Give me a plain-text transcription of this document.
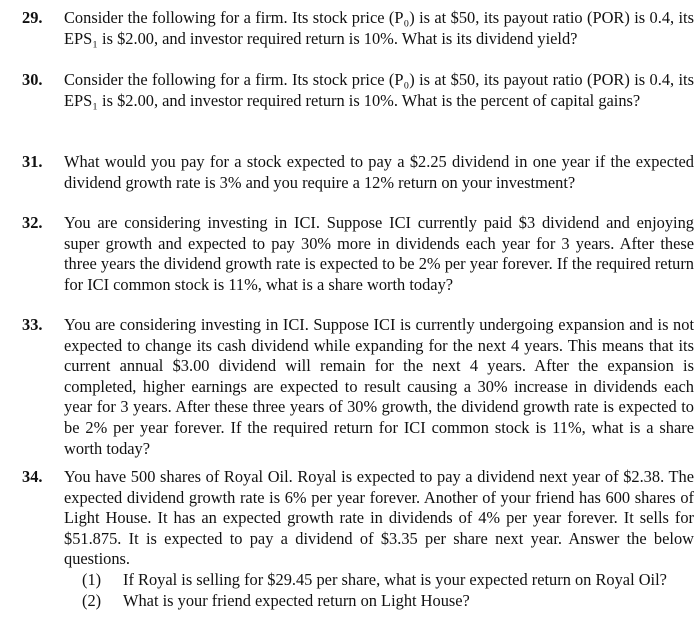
29. Consider the following for a firm. Its stock price (P₀) is at $50, its payout ratio (POR) is 0.4, its EPS₁ is $2.00, and investor required return is 10%. What is its dividend yield?
30. Consider the following for a firm. Its stock price (P₀) is at $50, its payout ratio (POR) is 0.4, its EPS₁ is $2.00, and investor required return is 10%. What is the percent of capital gains?
31. What would you pay for a stock expected to pay a $2.25 dividend in one year if the expected dividend growth rate is 3% and you require a 12% return on your investment?
32. You are considering investing in ICI. Suppose ICI currently paid $3 dividend and enjoying super growth and expected to pay 30% more in dividends each year for 3 years. After these three years the dividend growth rate is expected to be 2% per year forever. If the required return for ICI common stock is 11%, what is a share worth today?
33. You are considering investing in ICI. Suppose ICI is currently undergoing expansion and is not expected to change its cash dividend while expanding for the next 4 years. This means that its current annual $3.00 dividend will remain for the next 4 years. After the expansion is completed, higher earnings are expected to result causing a 30% increase in dividends each year for 3 years. After these three years of 30% growth, the dividend growth rate is expected to be 2% per year forever. If the required return for ICI common stock is 11%, what is a share worth today?
34. You have 500 shares of Royal Oil. Royal is expected to pay a dividend next year of $2.38. The expected dividend growth rate is 6% per year forever. Another of your friend has 600 shares of Light House. It has an expected growth rate in dividends of 4% per year forever. It sells for $51.875. It is expected to pay a dividend of $3.35 per share next year. Answer the below questions.
(1) If Royal is selling for $29.45 per share, what is your expected return on Royal Oil?
(2) What is your friend expected return on Light House?
